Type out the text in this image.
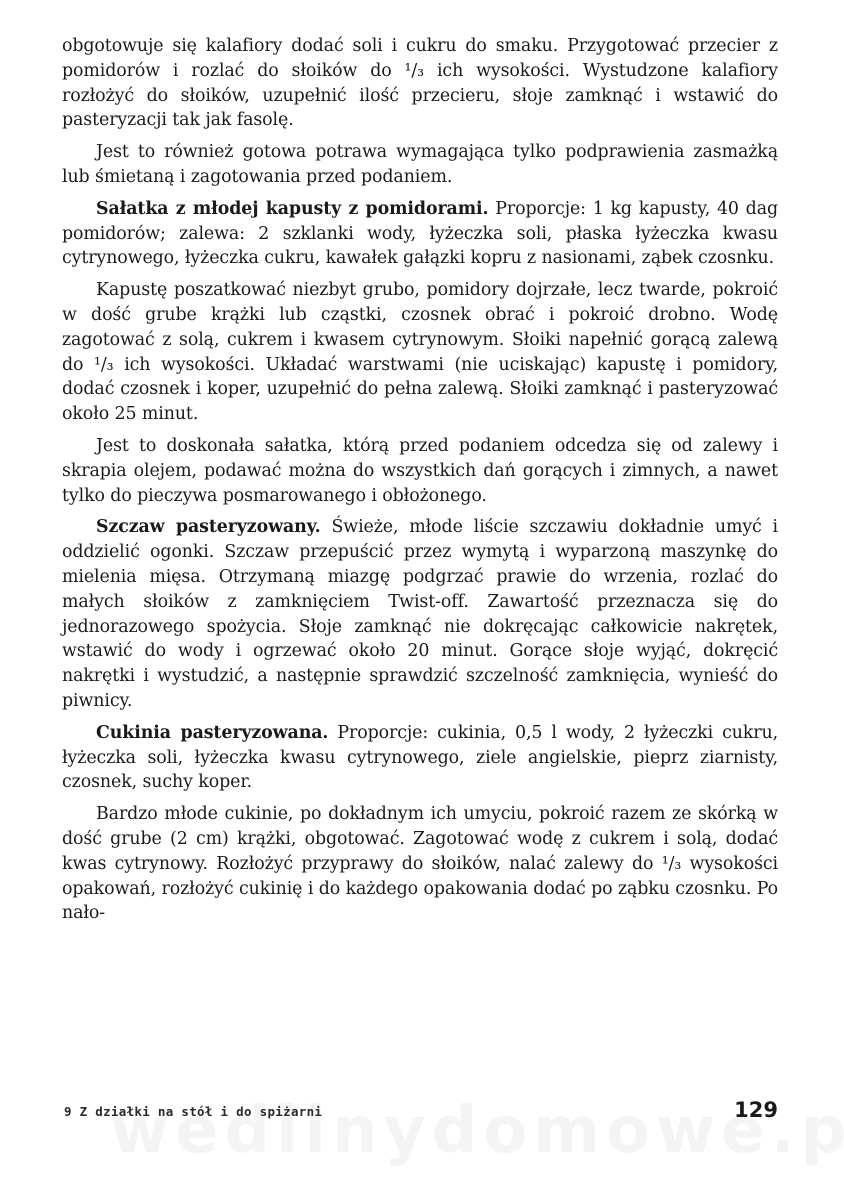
obgotowuje się kalafiory dodać soli i cukru do smaku. Przygotować przecier z pomidorów i rozlać do słoików do ¹/₃ ich wysokości. Wystudzone kalafiory rozłożyć do słoików, uzupełnić ilość przecieru, słoje zamknąć i wstawić do pasteryzacji tak jak fasolę.

Jest to również gotowa potrawa wymagająca tylko podprawienia zasmażką lub śmietaną i zagotowania przed podaniem.

Sałatka z młodej kapusty z pomidorami. Proporcje: 1 kg kapusty, 40 dag pomidorów; zalewa: 2 szklanki wody, łyżeczka soli, płaska łyżeczka kwasu cytrynowego, łyżeczka cukru, kawałek gałązki kopru z nasionami, ząbek czosnku.

Kapustę poszatkować niezbyt grubo, pomidory dojrzałe, lecz twarde, pokroić w dość grube krążki lub cząstki, czosnek obrać i pokroić drobno. Wodę zagotować z solą, cukrem i kwasem cytrynowym. Słoiki napełnić gorącą zalewą do ¹/₃ ich wysokości. Układać warstwami (nie uciskając) kapustę i pomidory, dodać czosnek i koper, uzupełnić do pełna zalewą. Słoiki zamknąć i pasteryzować około 25 minut.

Jest to doskonała sałatka, którą przed podaniem odcedza się od zalewy i skrapia olejem, podawać można do wszystkich dań gorących i zimnych, a nawet tylko do pieczywa posmarowanego i obłożonego.

Szczaw pasteryzowany. Świeże, młode liście szczawiu dokładnie umyć i oddzielić ogonki. Szczaw przepuścić przez wymytą i wyparzoną maszynkę do mielenia mięsa. Otrzymaną miazgę podgrzać prawie do wrzenia, rozlać do małych słoików z zamknięciem Twist-off. Zawartość przeznacza się do jednorazowego spożycia. Słoje zamknąć nie dokręcając całkowicie nakrętek, wstawić do wody i ogrzewać około 20 minut. Gorące słoje wyjąć, dokręcić nakrętki i wystudzić, a następnie sprawdzić szczelność zamknięcia, wynieść do piwnicy.

Cukinia pasteryzowana. Proporcje: cukinia, 0,5 l wody, 2 łyżeczki cukru, łyżeczka soli, łyżeczka kwasu cytrynowego, ziele angielskie, pieprz ziarnisty, czosnek, suchy koper.

Bardzo młode cukinie, po dokładnym ich umyciu, pokroić razem ze skórką w dość grube (2 cm) krążki, obgotować. Zagotować wodę z cukrem i solą, dodać kwas cytrynowy. Rozłożyć przyprawy do słoików, nalać zalewy do ¹/₃ wysokości opakowań, rozłożyć cukinię i do każdego opakowania dodać po ząbku czosnku. Po nało-

9 Z działki na stół i do spiżarni	129
